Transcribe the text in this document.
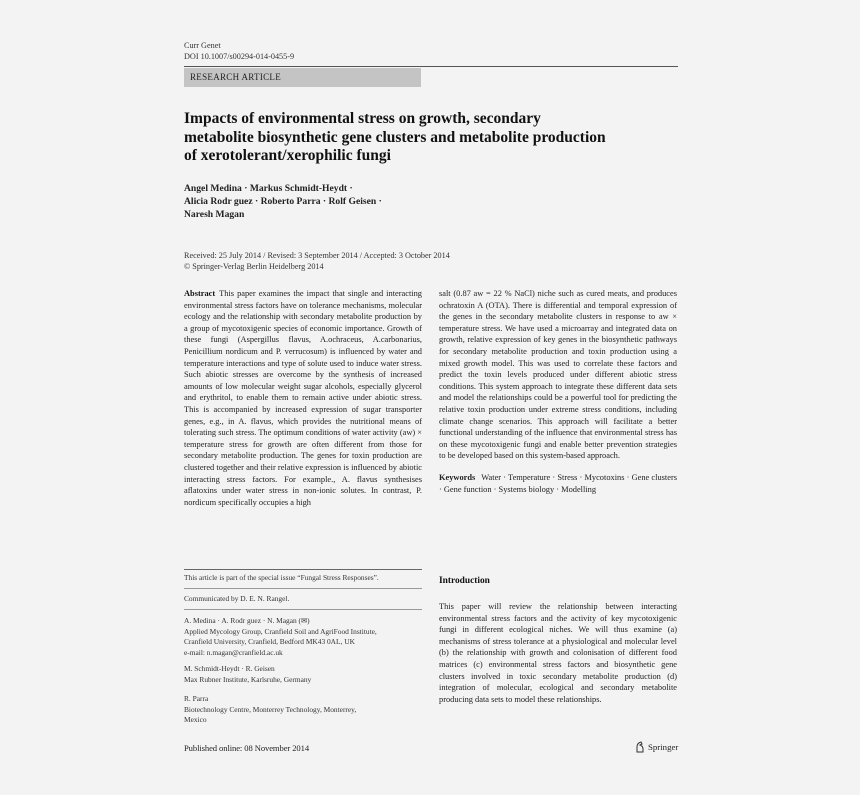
Curr Genet
DOI 10.1007/s00294-014-0455-9
RESEARCH ARTICLE
Impacts of environmental stress on growth, secondary
metabolite biosynthetic gene clusters and metabolite production
of xerotolerant/xerophilic fungi
Angel Medina · Markus Schmidt-Heydt ·
Alicia Rodr guez · Roberto Parra · Rolf Geisen ·
Naresh Magan
Received: 25 July 2014 / Revised: 3 September 2014 / Accepted: 3 October 2014
© Springer-Verlag Berlin Heidelberg 2014
Abstract This paper examines the impact that single and interacting environmental stress factors have on tolerance mechanisms, molecular ecology and the relationship with secondary metabolite production by a group of mycotoxigenic species of economic importance. Growth of these fungi (Aspergillus flavus, A.ochraceus, A.carbonarius, Penicillium nordicum and P. verrucosum) is influenced by water and temperature interactions and type of solute used to induce water stress. Such abiotic stresses are overcome by the synthesis of increased amounts of low molecular weight sugar alcohols, especially glycerol and erythritol, to enable them to remain active under abiotic stress. This is accompanied by increased expression of sugar transporter genes, e.g., in A. flavus, which provides the nutritional means of tolerating such stress. The optimum conditions of water activity (aw) × temperature stress for growth are often different from those for secondary metabolite production. The genes for toxin production are clustered together and their relative expression is influenced by abiotic interacting stress factors. For example., A. flavus synthesises aflatoxins under water stress in non-ionic solutes. In contrast, P. nordicum specifically occupies a high
salt (0.87 aw = 22 % NaCl) niche such as cured meats, and produces ochratoxin A (OTA). There is differential and temporal expression of the genes in the secondary metabolite clusters in response to aw × temperature stress. We have used a microarray and integrated data on growth, relative expression of key genes in the biosynthetic pathways for secondary metabolite production and toxin production using a mixed growth model. This was used to correlate these factors and predict the toxin levels produced under different abiotic stress conditions. This system approach to integrate these different data sets and model the relationships could be a powerful tool for predicting the relative toxin production under extreme stress conditions, including climate change scenarios. This approach will facilitate a better functional understanding of the influence that environmental stress has on these mycotoxigenic fungi and enable better prevention strategies to be developed based on this system-based approach.
Keywords Water · Temperature · Stress · Mycotoxins · Gene clusters · Gene function · Systems biology · Modelling
This article is part of the special issue “Fungal Stress Responses”.
Communicated by D. E. N. Rangel.
A. Medina · A. Rodr guez · N. Magan (✉)
Applied Mycology Group, Cranfield Soil and AgriFood Institute,
Cranfield University, Cranfield, Bedford MK43 0AL, UK
e-mail: n.magan@cranfield.ac.uk
M. Schmidt-Heydt · R. Geisen
Max Rubner Institute, Karlsruhe, Germany
R. Parra
Biotechnology Centre, Monterrey Technology, Monterrey,
Mexico
Introduction
This paper will review the relationship between interacting environmental stress factors and the activity of key mycotoxigenic fungi in different ecological niches. We will thus examine (a) mechanisms of stress tolerance at a physiological and molecular level (b) the relationship with growth and colonisation of different food matrices (c) environmental stress factors and biosynthetic gene clusters involved in toxic secondary metabolite production (d) integration of molecular, ecological and secondary metabolite producing data sets to model these relationships.
Published online: 08 November 2014	Springer
